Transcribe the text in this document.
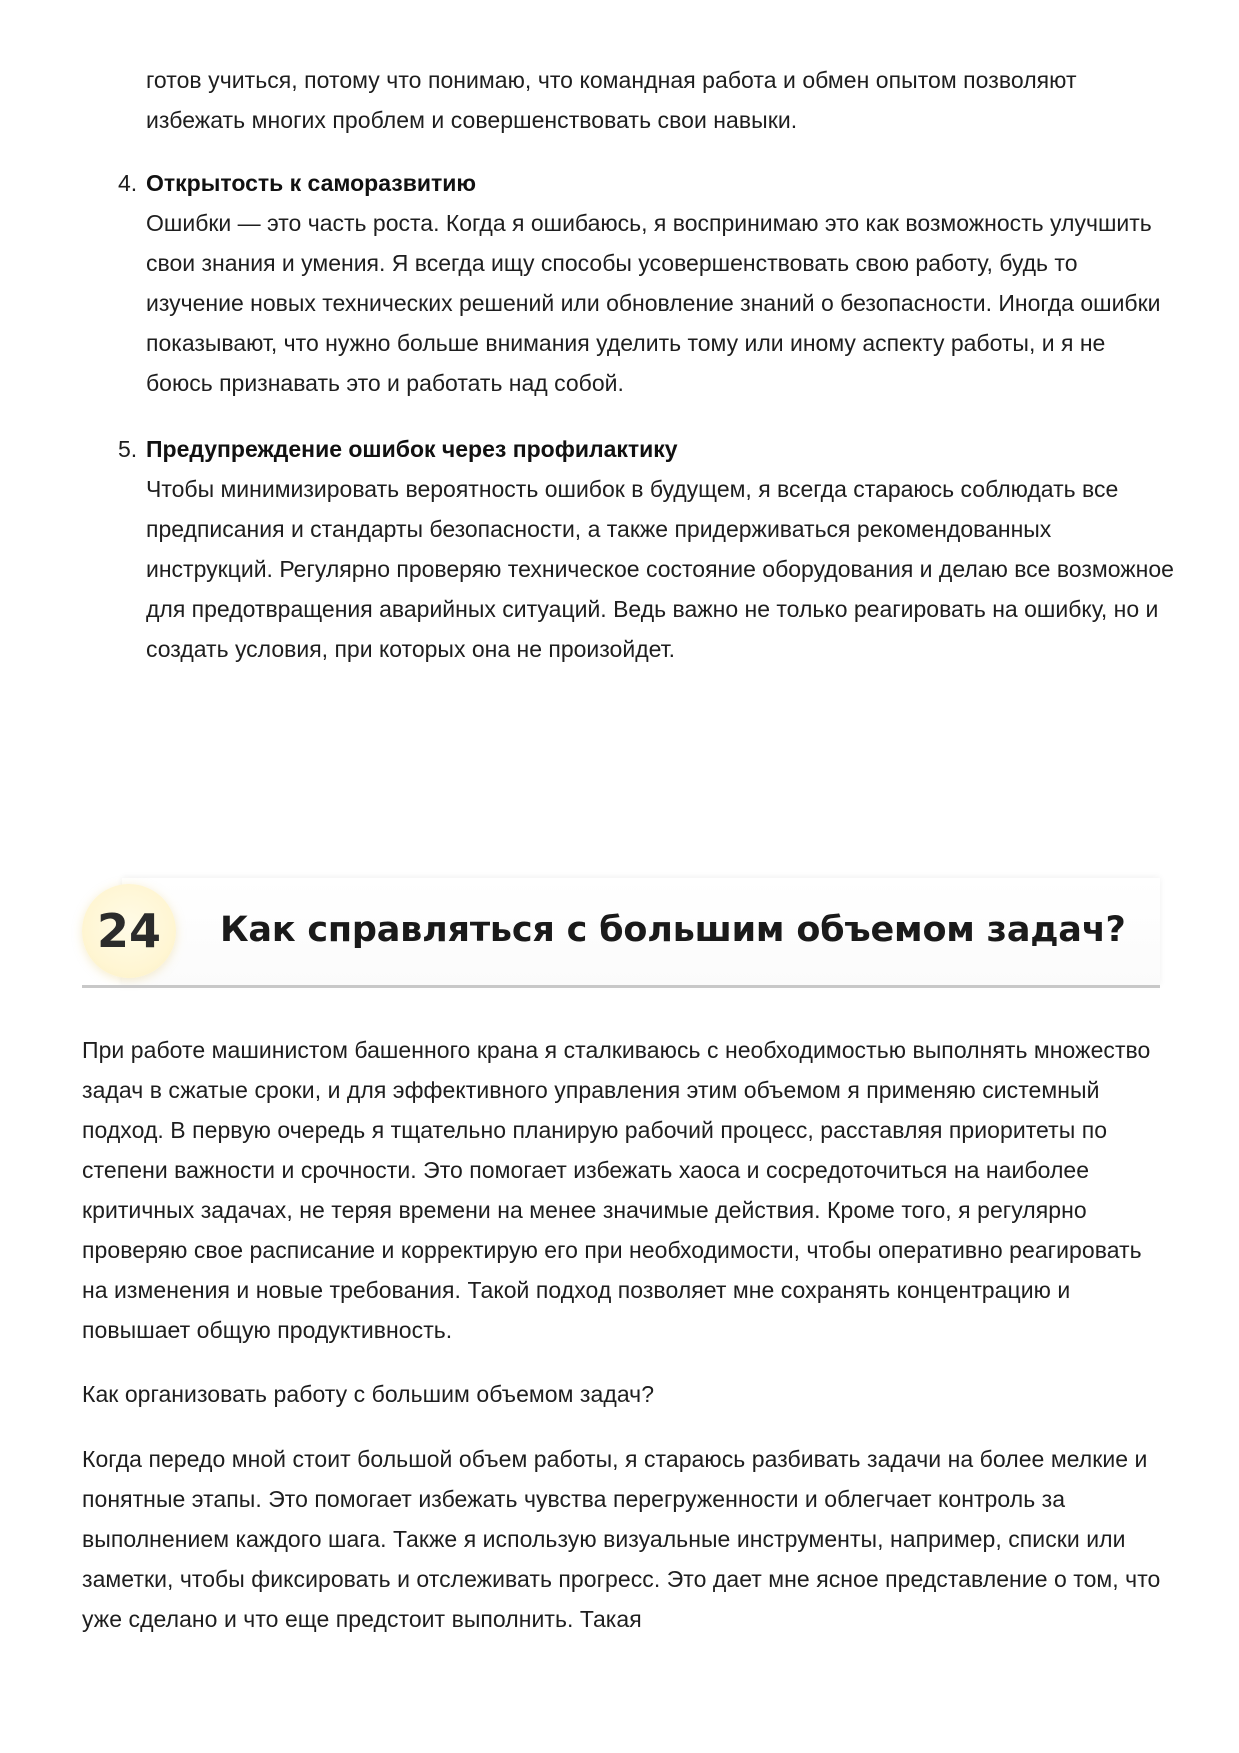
готов учиться, потому что понимаю, что командная работа и обмен опытом позволяют избежать многих проблем и совершенствовать свои навыки.

4. Открытость к саморазвитию

Ошибки — это часть роста. Когда я ошибаюсь, я воспринимаю это как возможность улучшить свои знания и умения. Я всегда ищу способы усовершенствовать свою работу, будь то изучение новых технических решений или обновление знаний о безопасности. Иногда ошибки показывают, что нужно больше внимания уделить тому или иному аспекту работы, и я не боюсь признавать это и работать над собой.

5. Предупреждение ошибок через профилактику

Чтобы минимизировать вероятность ошибок в будущем, я всегда стараюсь соблюдать все предписания и стандарты безопасности, а также придерживаться рекомендованных инструкций. Регулярно проверяю техническое состояние оборудования и делаю все возможное для предотвращения аварийных ситуаций. Ведь важно не только реагировать на ошибку, но и создать условия, при которых она не произойдет.

24	Как справляться с большим объемом задач?

При работе машинистом башенного крана я сталкиваюсь с необходимостью выполнять множество задач в сжатые сроки, и для эффективного управления этим объемом я применяю системный подход. В первую очередь я тщательно планирую рабочий процесс, расставляя приоритеты по степени важности и срочности. Это помогает избежать хаоса и сосредоточиться на наиболее критичных задачах, не теряя времени на менее значимые действия. Кроме того, я регулярно проверяю свое расписание и корректирую его при необходимости, чтобы оперативно реагировать на изменения и новые требования. Такой подход позволяет мне сохранять концентрацию и повышает общую продуктивность.

Как организовать работу с большим объемом задач?

Когда передо мной стоит большой объем работы, я стараюсь разбивать задачи на более мелкие и понятные этапы. Это помогает избежать чувства перегруженности и облегчает контроль за выполнением каждого шага. Также я использую визуальные инструменты, например, списки или заметки, чтобы фиксировать и отслеживать прогресс. Это дает мне ясное представление о том, что уже сделано и что еще предстоит выполнить. Такая
